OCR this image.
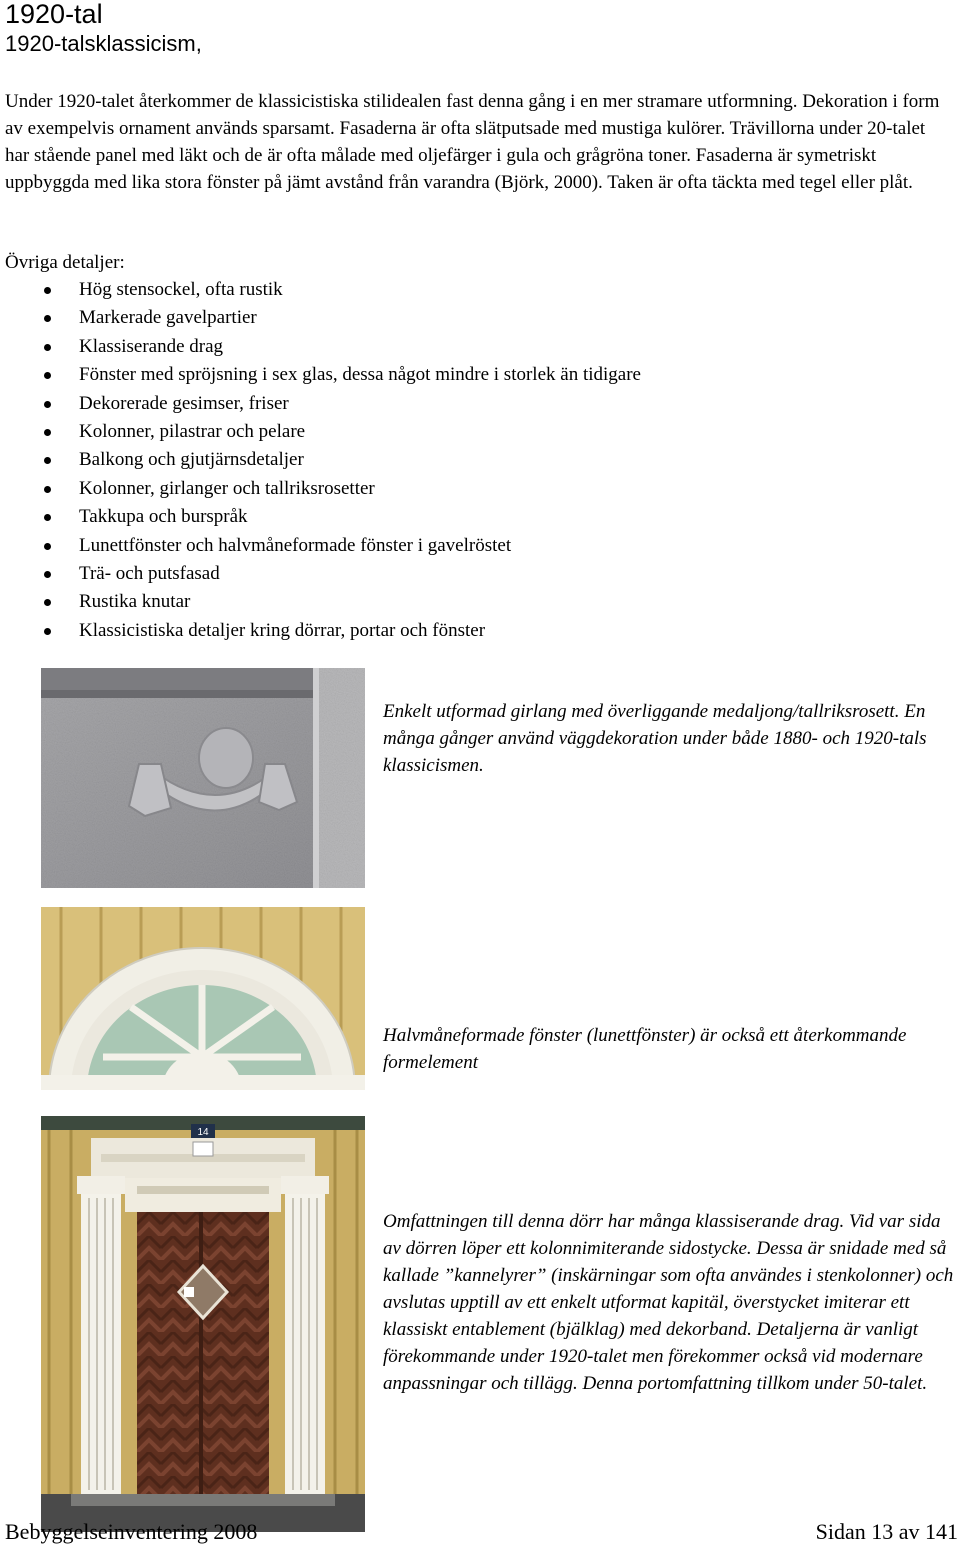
1920-tal
1920-talsklassicism,

Under 1920-talet återkommer de klassicistiska stilidealen fast denna gång i en mer stramare utformning. Dekoration i form av exempelvis ornament används sparsamt. Fasaderna är ofta slätputsade med mustiga kulörer. Trävillorna under 20-talet har stående panel med läkt och de är ofta målade med oljefärger i gula och grågröna toner. Fasaderna är symetriskt uppbyggda med lika stora fönster på jämt avstånd från varandra (Björk, 2000). Taken är ofta täckta med tegel eller plåt.

Övriga detaljer:

Hög stensockel, ofta rustik
Markerade gavelpartier
Klassiserande drag
Fönster med spröjsning i sex glas, dessa något mindre i storlek än tidigare
Dekorerade gesimser, friser
Kolonner, pilastrar och pelare
Balkong och gjutjärnsdetaljer
Kolonner, girlanger och tallriksrosetter
Takkupa och burspråk
Lunettfönster och halvmåneformade fönster i gavelröstet
Trä- och putsfasad
Rustika knutar
Klassicistiska detaljer kring dörrar, portar och fönster
14

Enkelt utformad girlang med överliggande medaljong/tallriksrosett. En många gånger använd väggdekoration under både 1880- och 1920-tals klassicismen.

Halvmåneformade fönster (lunettfönster) är också ett återkommande formelement

Omfattningen till denna dörr har många klassiserande drag. Vid var sida av dörren löper ett kolonnimiterande sidostycke. Dessa är snidade med så kallade ”kannelyrer” (inskärningar som ofta användes i stenkolonner) och avslutas upptill av ett enkelt utformat kapitäl, överstycket imiterar ett klassiskt entablement (bjälklag) med dekorband. Detaljerna är vanligt förekommande under 1920-talet men förekommer också vid modernare anpassningar och tillägg. Denna portomfattning tillkom under 50-talet.

Bebyggelseinventering 2008	Sidan 13 av 141
